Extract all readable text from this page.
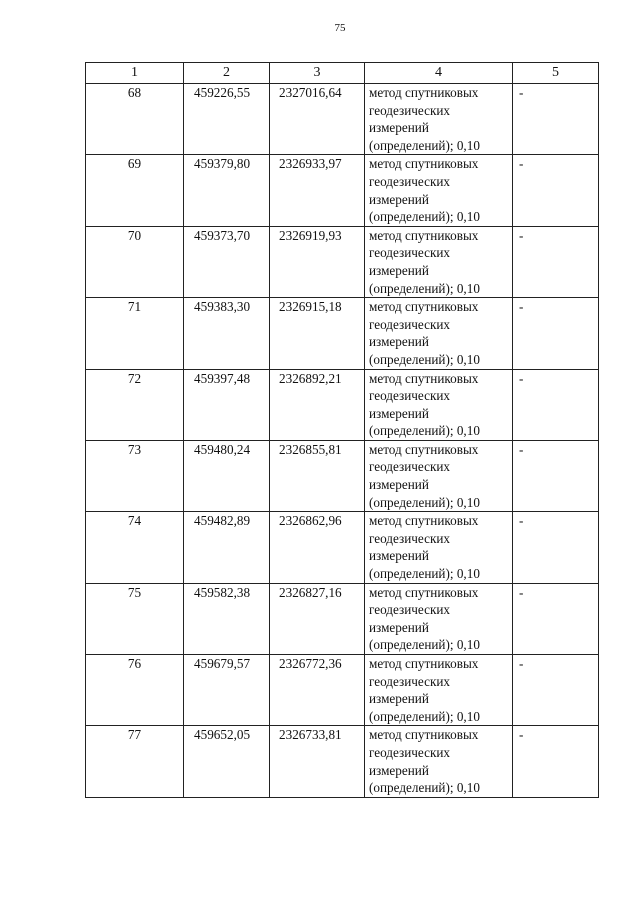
75
1	2	3	4	5
68	459226,55	2327016,64	метод спутниковых
геодезических
измерений
(определений); 0,10	-
69	459379,80	2326933,97	метод спутниковых
геодезических
измерений
(определений); 0,10	-
70	459373,70	2326919,93	метод спутниковых
геодезических
измерений
(определений); 0,10	-
71	459383,30	2326915,18	метод спутниковых
геодезических
измерений
(определений); 0,10	-
72	459397,48	2326892,21	метод спутниковых
геодезических
измерений
(определений); 0,10	-
73	459480,24	2326855,81	метод спутниковых
геодезических
измерений
(определений); 0,10	-
74	459482,89	2326862,96	метод спутниковых
геодезических
измерений
(определений); 0,10	-
75	459582,38	2326827,16	метод спутниковых
геодезических
измерений
(определений); 0,10	-
76	459679,57	2326772,36	метод спутниковых
геодезических
измерений
(определений); 0,10	-
77	459652,05	2326733,81	метод спутниковых
геодезических
измерений
(определений); 0,10	-
